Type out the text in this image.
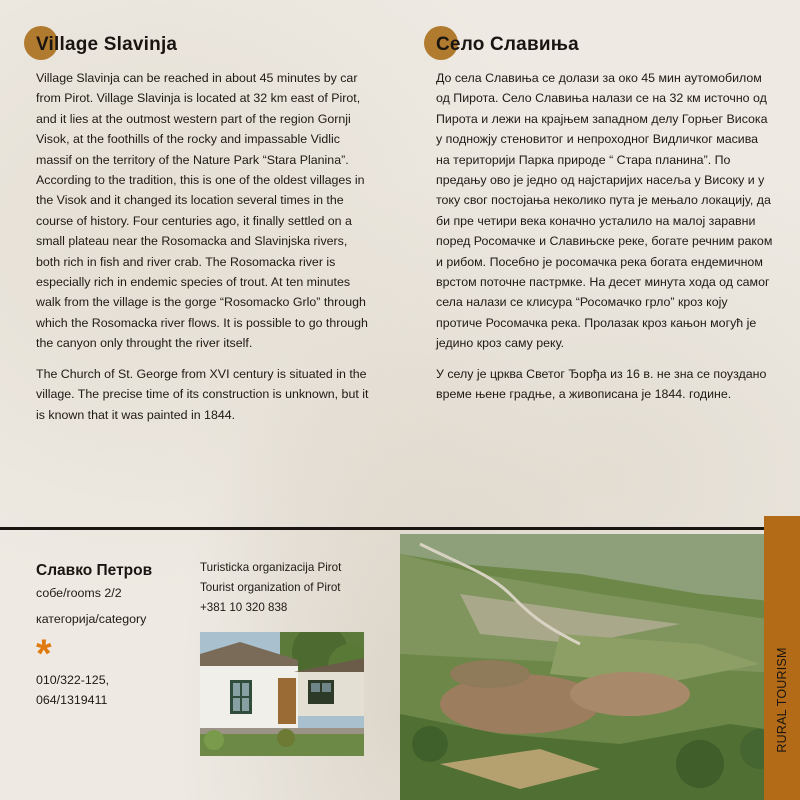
Village Slavinja

Village Slavinja can be reached in about 45 minutes by car from Pirot. Village Slavinja is located at 32 km east of Pirot, and it lies at the outmost western part of the region Gornji Visok, at the foothills of the rocky and impassable Vidlic massif on the territory of the Nature Park “Stara Planina”. According to the tradition, this is one of the oldest villages in the Visok and it changed its location several times in the course of history. Four centuries ago, it finally settled on a small plateau near the Rosomacka and Slavinjska rivers, both rich in fish and river crab. The Rosomacka river is especially rich in endemic species of trout. At ten minutes walk from the village is the gorge “Rosomacko Grlo” through which the Rosomacka river flows. It is possible to go through the canyon only throught the river itself.

The Church of St. George from XVI century is situated in the village. The precise time of its construction is unknown, but it is known that it was painted in 1844.

Село Славиња

До села Славиња се долази за око 45 мин аутомобилом од Пирота. Село Славиња налази се на 32 км источно од Пирота и лежи на крајњем западном делу Горњег Висока у подножју стеновитог и непроходног Видличког масива на територији Парка природе “ Стара планина”. По предању ово је једно од најстаријих насеља у Високу и у току свог постојања неколико пута је мењало локацију, да би пре четири века коначно усталило на малој заравни поред Росомачке и Славињске реке, богате речним раком и рибом. Посебно је росомачка река богата ендемичном врстом поточне пастрмке. На десет минута хода од самог села налази се клисура “Росомачко грло” кроз коју протиче Росомачка река. Пролазак кроз кањон могућ је једино кроз саму реку.

У селу је црква Светог Ђорђа из 16 в. не зна се поуздано време њене градње, а живописана је 1844. године.

Славко Петров

собе/rooms 2/2

категорија/category

*

010/322-125,

064/1319411

Turisticka organizacija Pirot

Tourist organization of Pirot

+381 10 320 838

RURAL TOURISM
